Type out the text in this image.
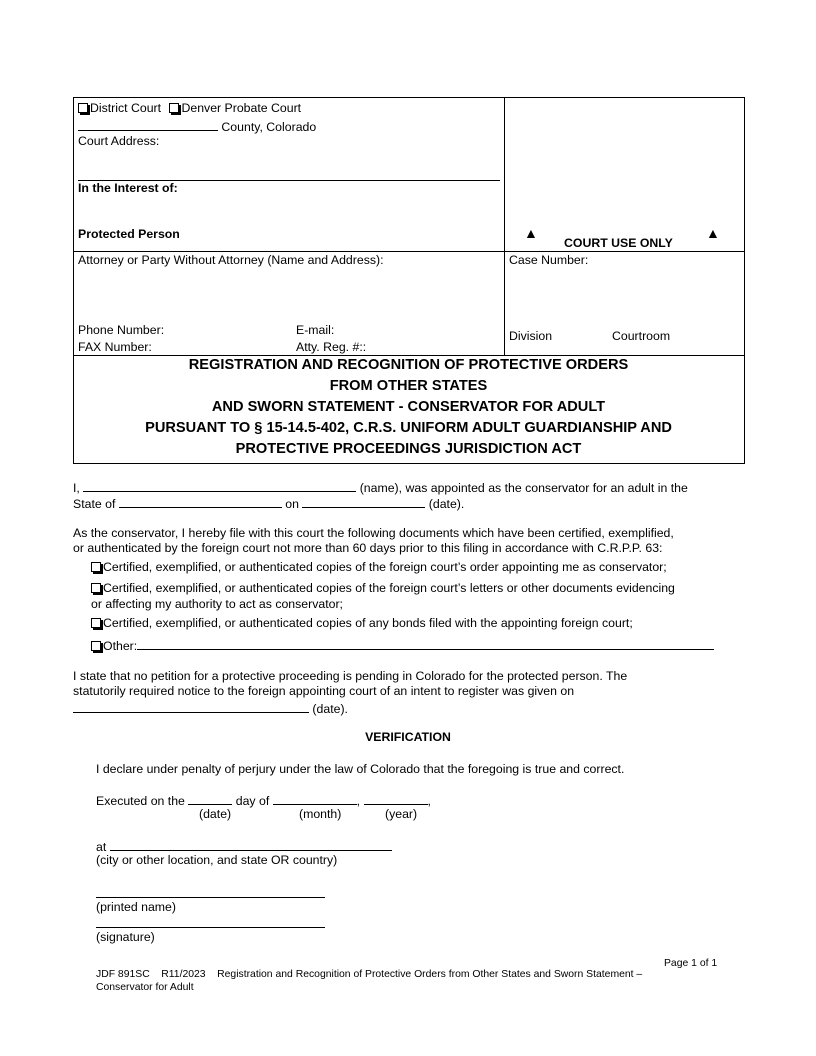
District Court Denver Probate Court
County, Colorado
Court Address:
In the Interest of:
Protected Person	▲
COURT USE ONLY
▲
Attorney or Party Without Attorney (Name and Address):
Phone Number:	E-mail:
FAX Number:	Atty. Reg. #::
Case Number:
Division	Courtroom
REGISTRATION AND RECOGNITION OF PROTECTIVE ORDERS
FROM OTHER STATES
AND SWORN STATEMENT - CONSERVATOR FOR ADULT
PURSUANT TO § 15-14.5-402, C.R.S. UNIFORM ADULT GUARDIANSHIP AND
PROTECTIVE PROCEEDINGS JURISDICTION ACT
I,	(name), was appointed as the conservator for an adult in the
State of	on	(date).
As the conservator, I hereby file with this court the following documents which have been certified, exemplified,
or authenticated by the foreign court not more than 60 days prior to this filing in accordance with C.R.P.P. 63:
Certified, exemplified, or authenticated copies of the foreign court’s order appointing me as conservator;
Certified, exemplified, or authenticated copies of the foreign court’s letters or other documents evidencing
or affecting my authority to act as conservator;
Certified, exemplified, or authenticated copies of any bonds filed with the appointing foreign court;
Other:
I state that no petition for a protective proceeding is pending in Colorado for the protected person. The
statutorily required notice to the foreign appointing court of an intent to register was given on
(date).
VERIFICATION
I declare under penalty of perjury under the law of Colorado that the foregoing is true and correct.
Executed on the	day of	,	,
(date)	(month)	(year)
at
(city or other location, and state OR country)
(printed name)
(signature)
Page 1 of 1
JDF 891SC R11/2023 Registration and Recognition of Protective Orders from Other States and Sworn Statement –
Conservator for Adult
